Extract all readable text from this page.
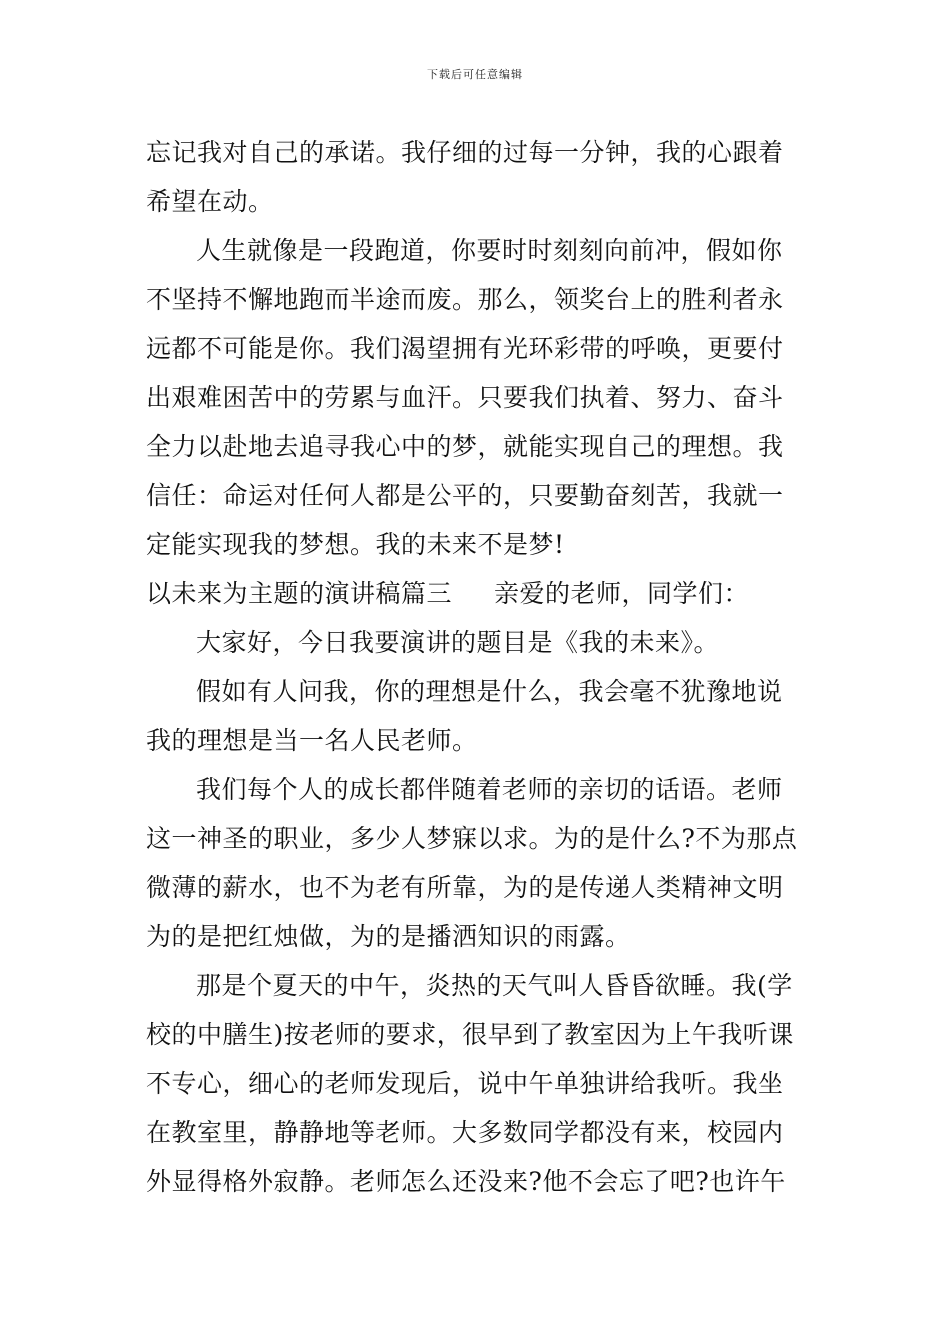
下载后可任意编辑
忘记我对自己的承诺。我仔细的过每一分钟，我的心跟着
希望在动。
人生就像是一段跑道，你要时时刻刻向前冲，假如你
不坚持不懈地跑而半途而废。那么，领奖台上的胜利者永
远都不可能是你。我们渴望拥有光环彩带的呼唤，更要付
出艰难困苦中的劳累与血汗。只要我们执着、努力、奋斗
全力以赴地去追寻我心中的梦，就能实现自己的理想。我
信任：命运对任何人都是公平的，只要勤奋刻苦，我就一
定能实现我的梦想。我的未来不是梦!
以未来为主题的演讲稿篇三 亲爱的老师，同学们：
大家好，今日我要演讲的题目是《我的未来》。
假如有人问我，你的理想是什么，我会毫不犹豫地说
我的理想是当一名人民老师。
我们每个人的成长都伴随着老师的亲切的话语。老师
这一神圣的职业，多少人梦寐以求。为的是什么?不为那点
微薄的薪水，也不为老有所靠，为的是传递人类精神文明
为的是把红烛做，为的是播洒知识的雨露。
那是个夏天的中午，炎热的天气叫人昏昏欲睡。我(学
校的中膳生)按老师的要求，很早到了教室因为上午我听课
不专心，细心的老师发现后，说中午单独讲给我听。我坐
在教室里，静静地等老师。大多数同学都没有来，校园内
外显得格外寂静。老师怎么还没来?他不会忘了吧?也许午
